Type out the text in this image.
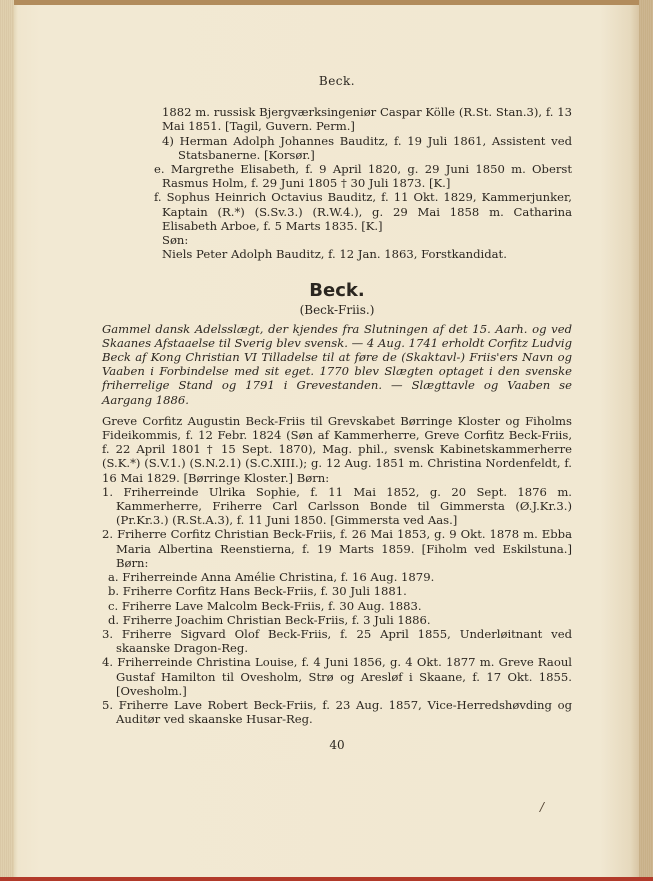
Beck.

1882 m. russisk Bjergværksingeniør Caspar Kölle (R.St. Stan.3), f. 13 Mai 1851. [Tagil, Guvern. Perm.]

4) Herman Adolph Johannes Bauditz, f. 19 Juli 1861, Assistent ved Statsbanerne. [Korsør.]

e. Margrethe Elisabeth, f. 9 April 1820, g. 29 Juni 1850 m. Oberst Rasmus Holm, f. 29 Juni 1805 † 30 Juli 1873. [K.]

f. Sophus Heinrich Octavius Bauditz, f. 11 Okt. 1829, Kammerjunker, Kaptain (R.*) (S.Sv.3.) (R.W.4.), g. 29 Mai 1858 m. Catharina Elisabeth Arboe, f. 5 Marts 1835. [K.]

Søn:

Niels Peter Adolph Bauditz, f. 12 Jan. 1863, Forstkandidat.

Beck.
(Beck-Friis.)

Gammel dansk Adelsslægt, der kjendes fra Slutningen af det 15. Aarh. og ved Skaanes Afstaaelse til Sverig blev svensk. — 4 Aug. 1741 erholdt Corfitz Ludvig Beck af Kong Christian VI Tilladelse til at føre de (Skaktavl-) Friis'ers Navn og Vaaben i Forbindelse med sit eget. 1770 blev Slægten optaget i den svenske friherrelige Stand og 1791 i Grevestanden. — Slægttavle og Vaaben se Aargang 1886.

Greve Corfitz Augustin Beck-Friis til Grevskabet Børringe Kloster og Fiholms Fideikommis, f. 12 Febr. 1824 (Søn af Kammerherre, Greve Corfitz Beck-Friis, f. 22 April 1801 † 15 Sept. 1870), Mag. phil., svensk Kabinetskammerherre (S.K.*) (S.V.1.) (S.N.2.1) (S.C.XIII.); g. 12 Aug. 1851 m. Christina Nordenfeldt, f. 16 Mai 1829. [Børringe Kloster.] Børn:

1. Friherreinde Ulrika Sophie, f. 11 Mai 1852, g. 20 Sept. 1876 m. Kammerherre, Friherre Carl Carlsson Bonde til Gimmersta (Ø.J.Kr.3.) (Pr.Kr.3.) (R.St.A.3), f. 11 Juni 1850. [Gimmersta ved Aas.]

2. Friherre Corfitz Christian Beck-Friis, f. 26 Mai 1853, g. 9 Okt. 1878 m. Ebba Maria Albertina Reenstierna, f. 19 Marts 1859. [Fiholm ved Eskilstuna.] Børn:

a. Friherreinde Anna Amélie Christina, f. 16 Aug. 1879.

b. Friherre Corfitz Hans Beck-Friis, f. 30 Juli 1881.

c. Friherre Lave Malcolm Beck-Friis, f. 30 Aug. 1883.

d. Friherre Joachim Christian Beck-Friis, f. 3 Juli 1886.

3. Friherre Sigvard Olof Beck-Friis, f. 25 April 1855, Underløitnant ved skaanske Dragon-Reg.

4. Friherreinde Christina Louise, f. 4 Juni 1856, g. 4 Okt. 1877 m. Greve Raoul Gustaf Hamilton til Ovesholm, Strø og Aresløf i Skaane, f. 17 Okt. 1855. [Ovesholm.]

5. Friherre Lave Robert Beck-Friis, f. 23 Aug. 1857, Vice-Herredshøvding og Auditør ved skaanske Husar-Reg.

40
/
